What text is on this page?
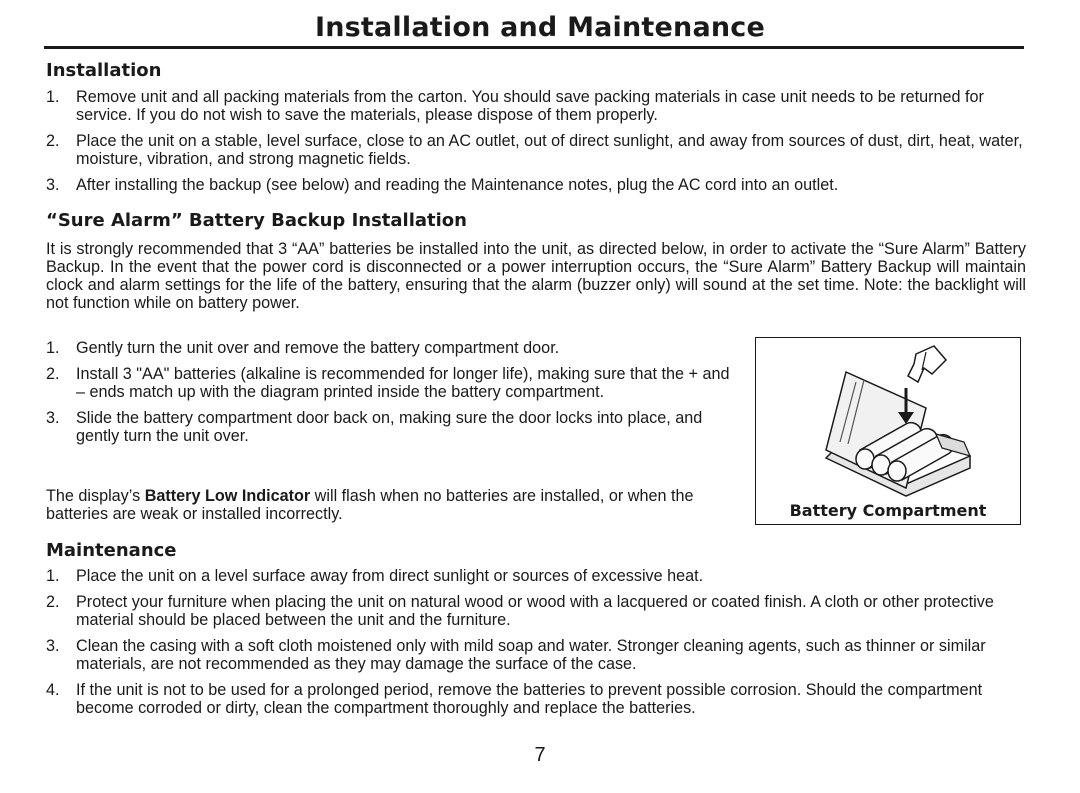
Installation and Maintenance
Installation
1. Remove unit and all packing materials from the carton. You should save packing materials in case unit needs to be returned for service. If you do not wish to save the materials, please dispose of them properly.
2. Place the unit on a stable, level surface, close to an AC outlet, out of direct sunlight, and away from sources of dust, dirt, heat, water, moisture, vibration, and strong magnetic fields.
3. After installing the backup (see below) and reading the Maintenance notes, plug the AC cord into an outlet.
“Sure Alarm” Battery Backup Installation

It is strongly recommended that 3 “AA” batteries be installed into the unit, as directed below, in order to activate the “Sure Alarm” Battery Backup. In the event that the power cord is disconnected or a power interruption occurs, the “Sure Alarm” Battery Backup will maintain clock and alarm settings for the life of the battery, ensuring that the alarm (buzzer only) will sound at the set time. Note: the backlight will not function while on battery power.

1. Gently turn the unit over and remove the battery compartment door.
2. Install 3 "AA" batteries (alkaline is recommended for longer life), making sure that the + and – ends match up with the diagram printed inside the battery compartment.
3. Slide the battery compartment door back on, making sure the door locks into place, and gently turn the unit over.

The display’s Battery Low Indicator will flash when no batteries are installed, or when the batteries are weak or installed incorrectly.	Battery Compartment
Maintenance
1. Place the unit on a level surface away from direct sunlight or sources of excessive heat.
2. Protect your furniture when placing the unit on natural wood or wood with a lacquered or coated finish. A cloth or other protective material should be placed between the unit and the furniture.
3. Clean the casing with a soft cloth moistened only with mild soap and water. Stronger cleaning agents, such as thinner or similar materials, are not recommended as they may damage the surface of the case.
4. If the unit is not to be used for a prolonged period, remove the batteries to prevent possible corrosion. Should the compartment become corroded or dirty, clean the compartment thoroughly and replace the batteries.
7
